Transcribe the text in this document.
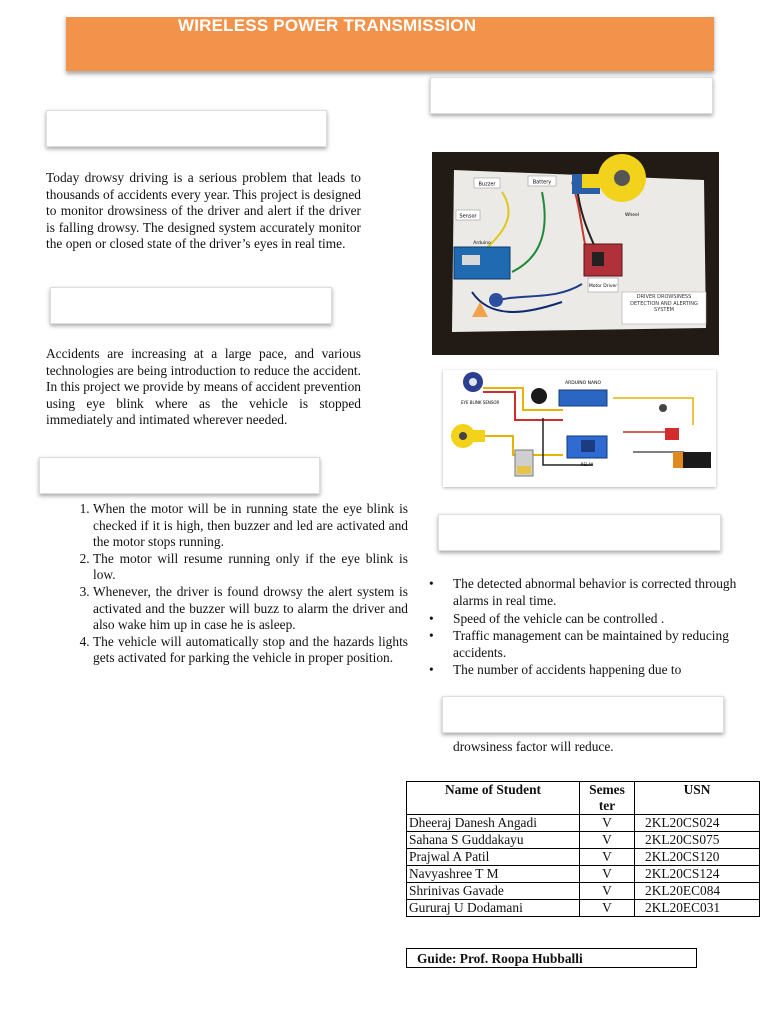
WIRELESS POWER TRANSMISSION

Today drowsy driving is a serious problem that leads to thousands of accidents every year. This project is designed to monitor drowsiness of the driver and alert if the driver is falling drowsy. The designed system accurately monitor the open or closed state of the driver’s eyes in real time.

Accidents are increasing at a large pace, and various technologies are being introduction to reduce the accident. In this project we provide by means of accident prevention using eye blink where as the vehicle is stopped immediately and intimated wherever needed.

1. When the motor will be in running state the eye blink is checked if it is high, then buzzer and led are activated and the motor stops running.
2. The motor will resume running only if the eye blink is low.
3. Whenever, the driver is found drowsy the alert system is activated and the buzzer will buzz to alarm the driver and also wake him up in case he is asleep.
4. The vehicle will automatically stop and the hazards lights gets activated for parking the vehicle in proper position.
Buzzer	Battery
Sensor
Motor Driver
Wheel
Arduino
DRIVER DROWSINESS DETECTION AND ALERTING SYSTEM
EYE BLINK SENSOR
ARDUINO NANO
RELAY
• The detected abnormal behavior is corrected through alarms in real time.
• Speed of the vehicle can be controlled .
• Traffic management can be maintained by reducing accidents.
• The number of accidents happening due to
drowsiness factor will reduce.
Name of Student	Semes
ter	USN
Dheeraj Danesh Angadi	V	2KL20CS024
Sahana S Guddakayu	V	2KL20CS075
Prajwal A Patil	V	2KL20CS120
Navyashree T M	V	2KL20CS124
Shrinivas Gavade	V	2KL20EC084
Gururaj U Dodamani	V	2KL20EC031
Guide: Prof. Roopa Hubballi
